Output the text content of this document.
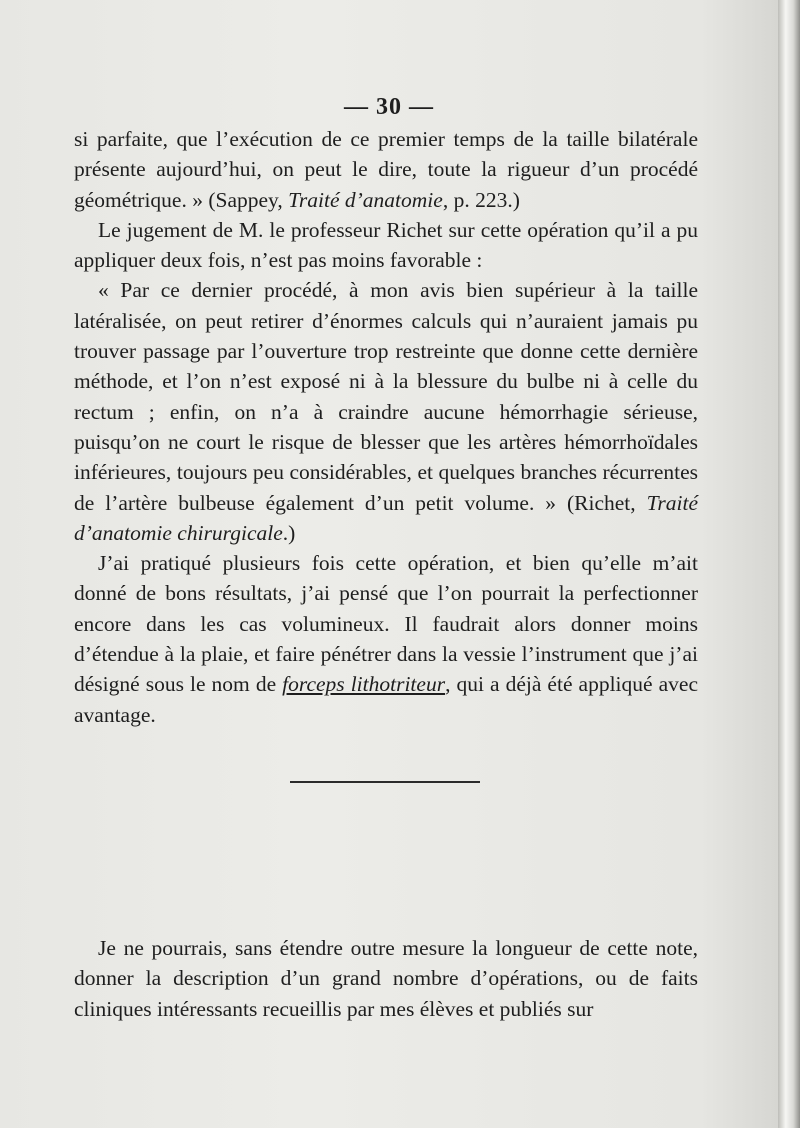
— 30 —

si parfaite, que l’exécution de ce premier temps de la taille bilatérale présente aujourd’hui, on peut le dire, toute la rigueur d’un procédé géométrique. » (Sappey, Traité d’anatomie, p. 223.)

Le jugement de M. le professeur Richet sur cette opération qu’il a pu appliquer deux fois, n’est pas moins favorable :

« Par ce dernier procédé, à mon avis bien supérieur à la taille latéralisée, on peut retirer d’énormes calculs qui n’auraient jamais pu trouver passage par l’ouverture trop restreinte que donne cette dernière méthode, et l’on n’est exposé ni à la blessure du bulbe ni à celle du rectum ; enfin, on n’a à craindre aucune hémorrhagie sérieuse, puisqu’on ne court le risque de blesser que les artères hémorrhoïdales inférieures, toujours peu considérables, et quelques branches récurrentes de l’artère bulbeuse également d’un petit volume. » (Richet, Traité d’anatomie chirurgicale.)

J’ai pratiqué plusieurs fois cette opération, et bien qu’elle m’ait donné de bons résultats, j’ai pensé que l’on pourrait la perfectionner encore dans les cas volumineux. Il faudrait alors donner moins d’étendue à la plaie, et faire pénétrer dans la vessie l’instrument que j’ai désigné sous le nom de forceps lithotriteur, qui a déjà été appliqué avec avantage.

Je ne pourrais, sans étendre outre mesure la longueur de cette note, donner la description d’un grand nombre d’opérations, ou de faits cliniques intéressants recueillis par mes élèves et publiés sur
